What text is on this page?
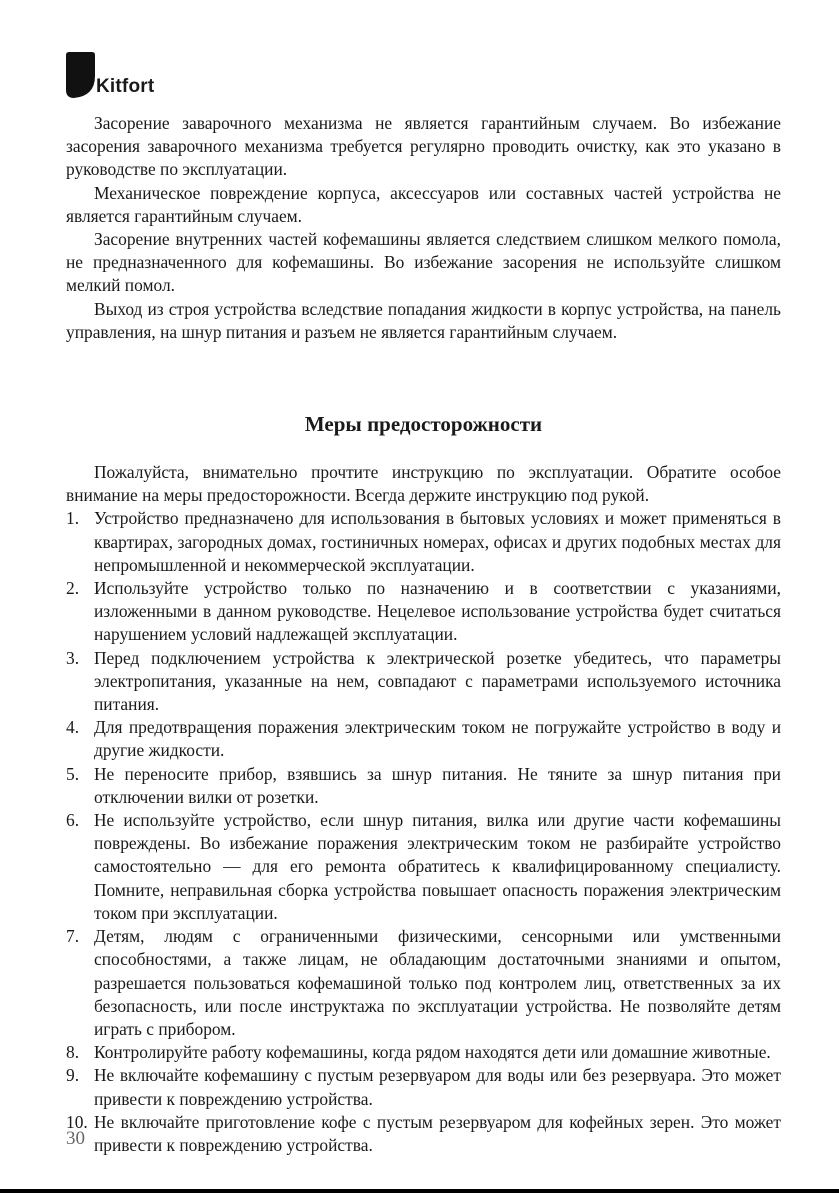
Kitfort

Засорение заварочного механизма не является гарантийным случаем. Во избежание засорения заварочного механизма требуется регулярно проводить очистку, как это указано в руководстве по эксплуатации.

Механическое повреждение корпуса, аксессуаров или составных частей устройства не является гарантийным случаем.

Засорение внутренних частей кофемашины является следствием слишком мелкого помола, не предназначенного для кофемашины. Во избежание засорения не используйте слишком мелкий помол.

Выход из строя устройства вследствие попадания жидкости в корпус устройства, на панель управления, на шнур питания и разъем не является гарантийным случаем.

Меры предосторожности

Пожалуйста, внимательно прочтите инструкцию по эксплуатации. Обратите особое внимание на меры предосторожности. Всегда держите инструкцию под рукой.

1. Устройство предназначено для использования в бытовых условиях и может применяться в квартирах, загородных домах, гостиничных номерах, офисах и других подобных местах для непромышленной и некоммерческой эксплуатации.
2. Используйте устройство только по назначению и в соответствии с указаниями, изложенными в данном руководстве. Нецелевое использование устройства будет считаться нарушением условий надлежащей эксплуатации.
3. Перед подключением устройства к электрической розетке убедитесь, что параметры электропитания, указанные на нем, совпадают с параметрами используемого источника питания.
4. Для предотвращения поражения электрическим током не погружайте устройство в воду и другие жидкости.
5. Не переносите прибор, взявшись за шнур питания. Не тяните за шнур питания при отключении вилки от розетки.
6. Не используйте устройство, если шнур питания, вилка или другие части кофемашины повреждены. Во избежание поражения электрическим током не разбирайте устройство самостоятельно — для его ремонта обратитесь к квалифицированному специалисту. Помните, неправильная сборка устройства повышает опасность поражения электрическим током при эксплуатации.
7. Детям, людям с ограниченными физическими, сенсорными или умственными способностями, а также лицам, не обладающим достаточными знаниями и опытом, разрешается пользоваться кофемашиной только под контролем лиц, ответственных за их безопасность, или после инструктажа по эксплуатации устройства. Не позволяйте детям играть с прибором.
8. Контролируйте работу кофемашины, когда рядом находятся дети или домашние животные.
9. Не включайте кофемашину с пустым резервуаром для воды или без резервуара. Это может привести к повреждению устройства.
10. Не включайте приготовление кофе с пустым резервуаром для кофейных зерен. Это может привести к повреждению устройства.
30
